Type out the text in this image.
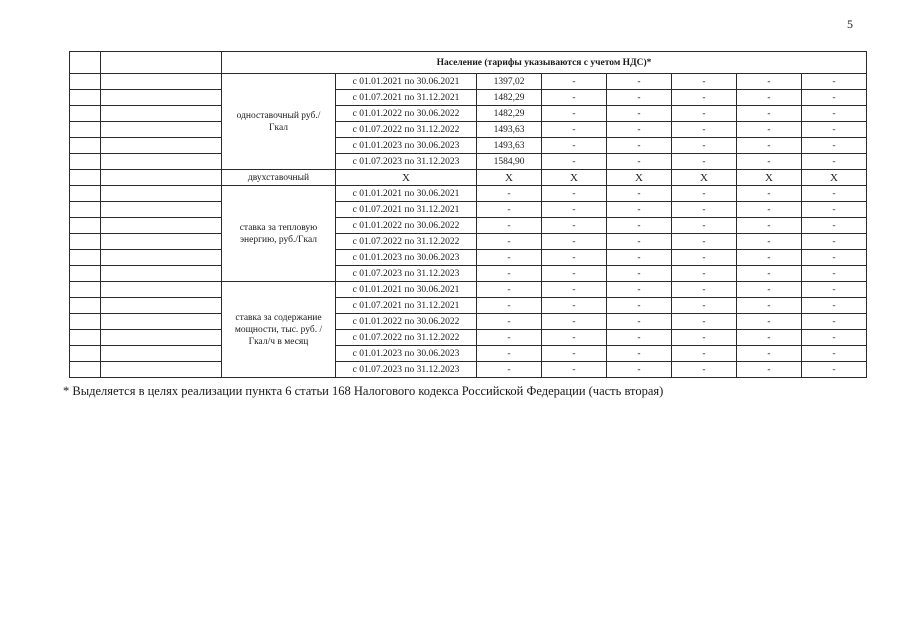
5
		Население (тарифы указываются с учетом НДС)*							
		одноставочный руб./Гкал	с 01.01.2021 по 30.06.2021	1397,02	-	-	-	-	-
			с 01.07.2021 по 31.12.2021	1482,29	-	-	-	-	-
			с 01.01.2022 по 30.06.2022	1482,29	-	-	-	-	-
			с 01.07.2022 по 31.12.2022	1493,63	-	-	-	-	-
			с 01.01.2023 по 30.06.2023	1493,63	-	-	-	-	-
			с 01.07.2023 по 31.12.2023	1584,90	-	-	-	-	-
		двухставочный	X	X	X	X	X	X	X
		ставка за тепловую энергию, руб./Гкал	с 01.01.2021 по 30.06.2021	-	-	-	-	-	-
			с 01.07.2021 по 31.12.2021	-	-	-	-	-	-
			с 01.01.2022 по 30.06.2022	-	-	-	-	-	-
			с 01.07.2022 по 31.12.2022	-	-	-	-	-	-
			с 01.01.2023 по 30.06.2023	-	-	-	-	-	-
			с 01.07.2023 по 31.12.2023	-	-	-	-	-	-
		ставка за содержание мощности, тыс. руб. /Гкал/ч в месяц	с 01.01.2021 по 30.06.2021	-	-	-	-	-	-
			с 01.07.2021 по 31.12.2021	-	-	-	-	-	-
			с 01.01.2022 по 30.06.2022	-	-	-	-	-	-
			с 01.07.2022 по 31.12.2022	-	-	-	-	-	-
			с 01.01.2023 по 30.06.2023	-	-	-	-	-	-
			с 01.07.2023 по 31.12.2023	-	-	-	-	-	-
* Выделяется в целях реализации пункта 6 статьи 168 Налогового кодекса Российской Федерации (часть вторая)
